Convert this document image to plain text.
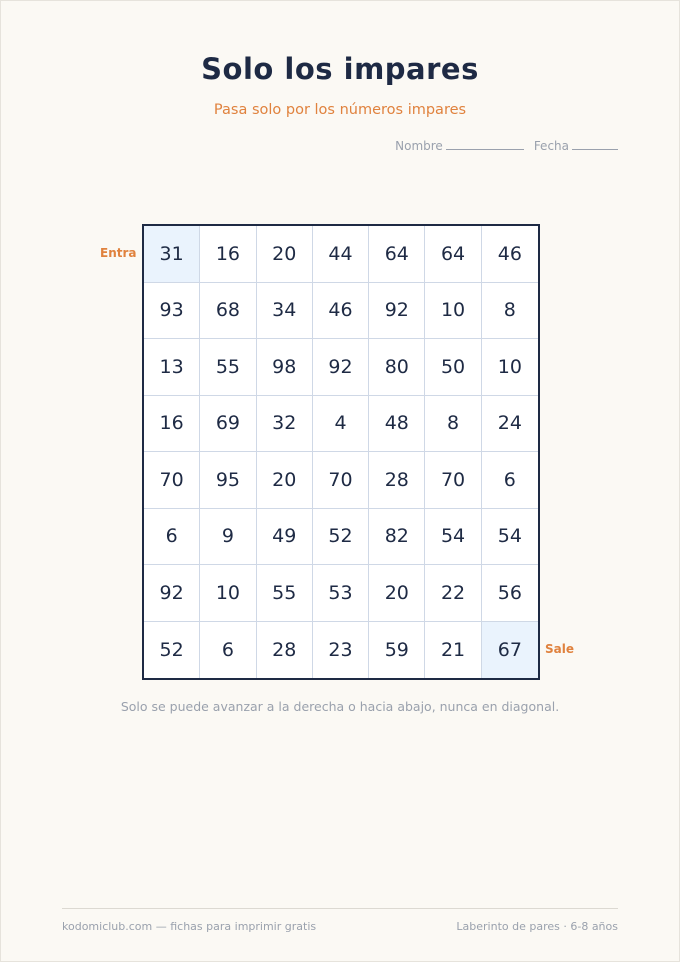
Solo los impares
Pasa solo por los números impares
Nombre	Fecha
Entra
Sale
31	16	20	44	64	64	46
93	68	34	46	92	10	8
13	55	98	92	80	50	10
16	69	32	4	48	8	24
70	95	20	70	28	70	6
6	9	49	52	82	54	54
92	10	55	53	20	22	56
52	6	28	23	59	21	67
Solo se puede avanzar a la derecha o hacia abajo, nunca en diagonal.
kodomiclub.com — fichas para imprimir gratis	Laberinto de pares · 6-8 años
